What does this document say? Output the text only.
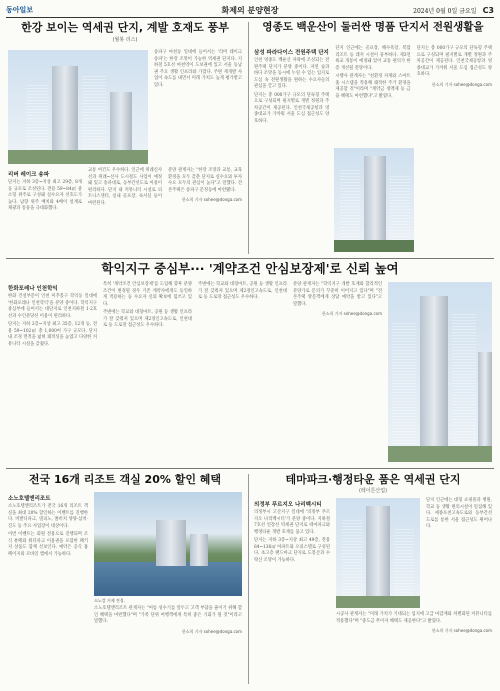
동아일보	화제의 분양현장	2024년 0월 0일 금요일 C3
한강 보이는 역세권 단지, 계발 호재도 풍부
(월봉 리스)
송파구 마천동 일대에 들어서는 '리버 레이크 송파'는 한강 조망이 가능한 역세권 단지다. 지하철 5호선 마천역이 도보권에 있고 서울 동남권 주요 생활 인프라와 가깝다. 주변 재개발 사업이 속도를 내면서 미래 가치도 높게 평가받고 있다.
리버 레이크 송파
단지는 지하 3층~지상 최고 29층, 8개 동 규모로 조성된다. 전용 59~84㎡ 중소형 위주로 구성돼 실수요자 선호도가 높다. 남향 위주 배치와 4베이 설계로 채광과 통풍을 극대화했다.
교통 여건도 우수하다. 인근에 위례신사선과 위례~신사 도시철도 사업이 예정돼 있고 송파대로, 동부간선도로 이용이 편리하다. 단지 내 커뮤니티 시설로 피트니스센터, 실내 골프장, 독서실 등이 마련된다.
분양 관계자는 "한강 조망과 교통, 교육 환경을 모두 갖춘 단지로 실수요와 투자 수요 모두의 관심이 높다"고 말했다. 견본주택은 송파구 문정동에 마련됐다.
한소희 기자 sohee@donga.com
영종도 백운산이 둘러싼 명품 단지서 전원생활을
삼성 파라다이스 전원주택 단지
인천 영종도 백운산 자락에 조성되는 전원주택 단지가 분양 중이다. 자연 숲과 바다 조망을 동시에 누릴 수 있는 입지로 도심 속 전원생활을 원하는 수요자들의 관심을 끌고 있다.
단지는 총 000가구 규모의 단독형 주택으로 구성되며 필지별로 개별 정원과 주차공간이 제공된다. 인천국제공항과 영종대교가 가까워 서울 도심 접근성도 양호하다.
단지 인근에는 골프장, 해수욕장, 복합 리조트 등 레저 시설이 풍부하다. 제3연륙교 개통이 예정돼 있어 교통 편의가 한층 개선될 전망이다.
시행사 관계자는 "친환경 자재와 스마트홈 시스템을 적용해 쾌적한 주거 환경을 제공할 것"이라며 "계약금 정액제 등 금융 혜택도 마련했다"고 밝혔다.
단지는 총 000가구 규모의 단독형 주택으로 구성되며 필지별로 개별 정원과 주차공간이 제공된다. 인천국제공항과 영종대교가 가까워 서울 도심 접근성도 양호하다.
한소희 기자 sohee@donga.com
학익지구 중심부··· '계약조건 안심보장제'로 신뢰 높여
한화포레나 인천학익
한화 건설부문이 인천 미추홀구 학익동 일대에 '한화포레나 인천학익'을 분양 중이다. 학익지구 중심부에 들어서는 대단지로 인천지하철 1·2호선과 수인분당선 이용이 편리하다.
단지는 지하 2층~지상 최고 35층, 12개 동, 전용 59~102㎡ 총 1,000여 가구 규모다. 단지 내 조경 면적을 넓혀 쾌적성을 높였고 다양한 커뮤니티 시설을 갖췄다.
특히 '계약조건 안심보장제'를 도입해 향후 분양 조건이 변경될 경우 기존 계약자에게도 동일하게 적용하는 등 수요자 신뢰 확보에 힘쓰고 있다.
주변에는 학교와 대형마트, 공원 등 생활 인프라가 잘 갖춰져 있으며 제2경인고속도로, 인천대로 등 도로망 접근성도 우수하다.
주변에는 학교와 대형마트, 공원 등 생활 인프라가 잘 갖춰져 있으며 제2경인고속도로, 인천대로 등 도로망 접근성도 우수하다.
분양 관계자는 "학익지구 개발 호재와 합리적인 분양가로 문의가 꾸준히 이어지고 있다"며 "견본주택 방문객에게 상담 예약을 받고 있다"고 말했다.
한소희 기자 sohee@donga.com
전국 16개 리조트 객실 20% 할인 혜택
소노호텔앤리조트
소노호텔앤리조트가 전국 16개 리조트 객실을 최대 20% 할인하는 이벤트를 진행한다. 비발디파크, 델피노, 쏠비치 양양·삼척·진도 등 주요 사업장이 대상이다.
이번 이벤트는 회원 전용으로 진행되며 조식 뷰페와 워터파크 이용권을 포함한 패키지 상품도 함께 선보인다. 예약은 공식 홈페이지와 모바일 앱에서 가능하다.
소노캄 거제 전경.
소노호텔앤리조트 관계자는 "여름 성수기를 앞두고 고객 부담을 줄이기 위해 할인 혜택을 마련했다"며 "가족 단위 여행객에게 특히 좋은 기회가 될 것"이라고 말했다.
한소희 기자 sohee@donga.com
테마파크·행정타운 품은 역세권 단지
(레이튼산업)
의정부 푸르지오 나리벡시티
의정부시 고산지구 일대에 '의정부 푸르지오 나리벡시티'가 분양 중이다. 지하철 7호선 연장선 역세권 단지로 테마파크와 행정타운 개발 호재를 품고 있다.
단지는 지하 3층~지상 최고 49층, 전용 84~136㎡ 아파트와 오피스텔로 구성된다. 초고층 랜드마크 단지로 도봉산과 수락산 조망이 가능하다.
단지 인근에는 대형 쇼핑몰과 병원, 학교 등 생활 편의시설이 밀집해 있다. 세종포천고속도로와 동부간선도로를 통한 서울 접근성도 뛰어나다.
시공사 관계자는 "미래 가치가 기대되는 입지에 고급 마감재와 차별화된 커뮤니티를 적용했다"며 "중도금 무이자 혜택도 제공한다"고 밝혔다.
한소희 기자 sohee@donga.com
